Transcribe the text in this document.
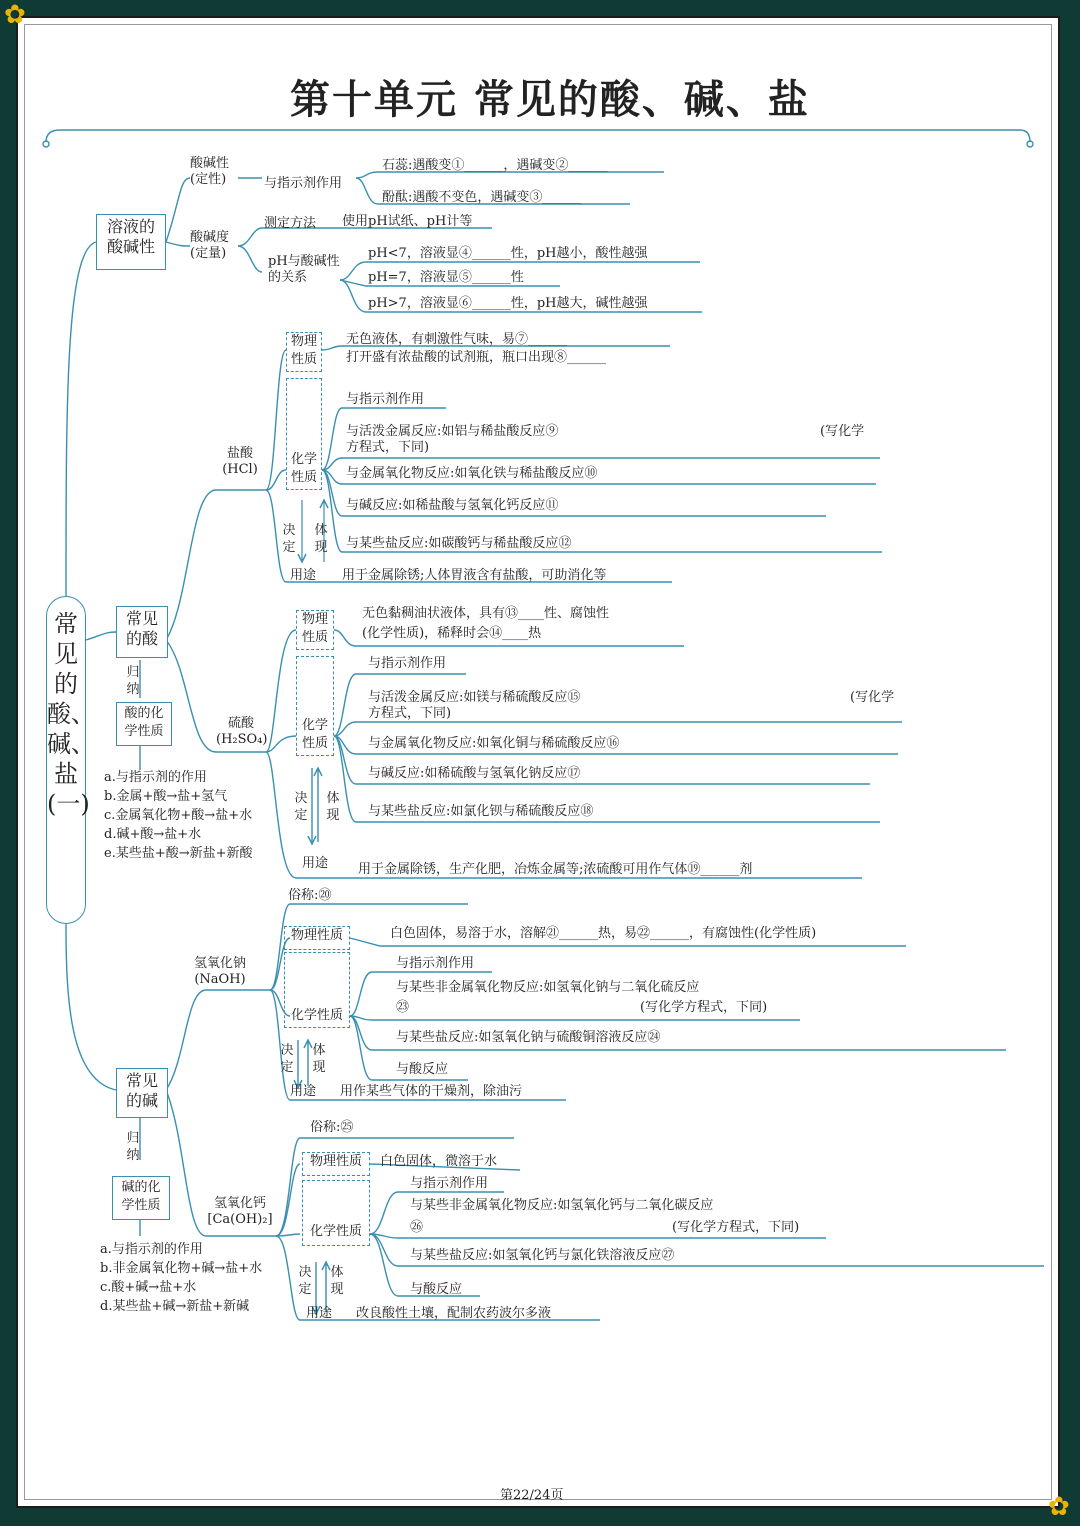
✿
✿
第十单元 常见的酸、碱、盐
常见的酸、碱、盐(一)
溶液的酸碱性
酸碱性(定性)
酸碱度(定量)
与指示剂作用
石蕊:遇酸变①______，遇碱变②______
酚酞:遇酸不变色，遇碱变③______
测定方法 使用pH试纸、pH计等
pH与酸碱性的关系
pH<7，溶液显④______性，pH越小，酸性越强
pH=7，溶液显⑤______性
pH>7，溶液显⑥______性，pH越大，碱性越强
常见的酸
归纳
酸的化学性质
a.与指示剂的作用
b.金属+酸→盐+氢气
c.金属氧化物+酸→盐+水
d.碱+酸→盐+水
e.某些盐+酸→新盐+新酸
盐酸(HCl)
物理性质
无色液体，有刺激性气味，易⑦______
打开盛有浓盐酸的试剂瓶，瓶口出现⑧______
化学性质
与指示剂作用
与活泼金属反应:如铝与稀盐酸反应⑨	(写化学
方程式，下同)
与金属氧化物反应:如氧化铁与稀盐酸反应⑩
与碱反应:如稀盐酸与氢氧化钙反应⑪
与某些盐反应:如碳酸钙与稀盐酸反应⑫
决定
体现
用途 用于金属除锈;人体胃液含有盐酸，可助消化等
硫酸(H₂SO₄)
物理性质
无色黏稠油状液体，具有⑬____性、腐蚀性
(化学性质)，稀释时会⑭____热
化学性质
与指示剂作用
与活泼金属反应:如镁与稀硫酸反应⑮	(写化学
方程式，下同)
与金属氧化物反应:如氧化铜与稀硫酸反应⑯
与碱反应:如稀硫酸与氢氧化钠反应⑰
与某些盐反应:如氯化钡与稀硫酸反应⑱
决定
体现
用途 用于金属除锈，生产化肥，冶炼金属等;浓硫酸可用作气体⑲______剂
常见的碱
归纳
碱的化学性质
a.与指示剂的作用
b.非金属氧化物+碱→盐+水
c.酸+碱→盐+水
d.某些盐+碱→新盐+新碱
氢氧化钠(NaOH)
俗称:⑳
物理性质	白色固体，易溶于水，溶解㉑______热，易㉒______，有腐蚀性(化学性质)
化学性质
与指示剂作用
与某些非金属氧化物反应:如氢氧化钠与二氧化硫反应
㉓	(写化学方程式，下同)
与某些盐反应:如氢氧化钠与硫酸铜溶液反应㉔
与酸反应
决定
体现
用途 用作某些气体的干燥剂，除油污
氢氧化钙[Ca(OH)₂]
俗称:㉕
物理性质	白色固体，微溶于水
化学性质
与指示剂作用
与某些非金属氧化物反应:如氢氧化钙与二氧化碳反应
㉖	(写化学方程式，下同)
与某些盐反应:如氢氧化钙与氯化铁溶液反应㉗
与酸反应
决定
体现
用途 改良酸性土壤，配制农药波尔多液
第22/24页
